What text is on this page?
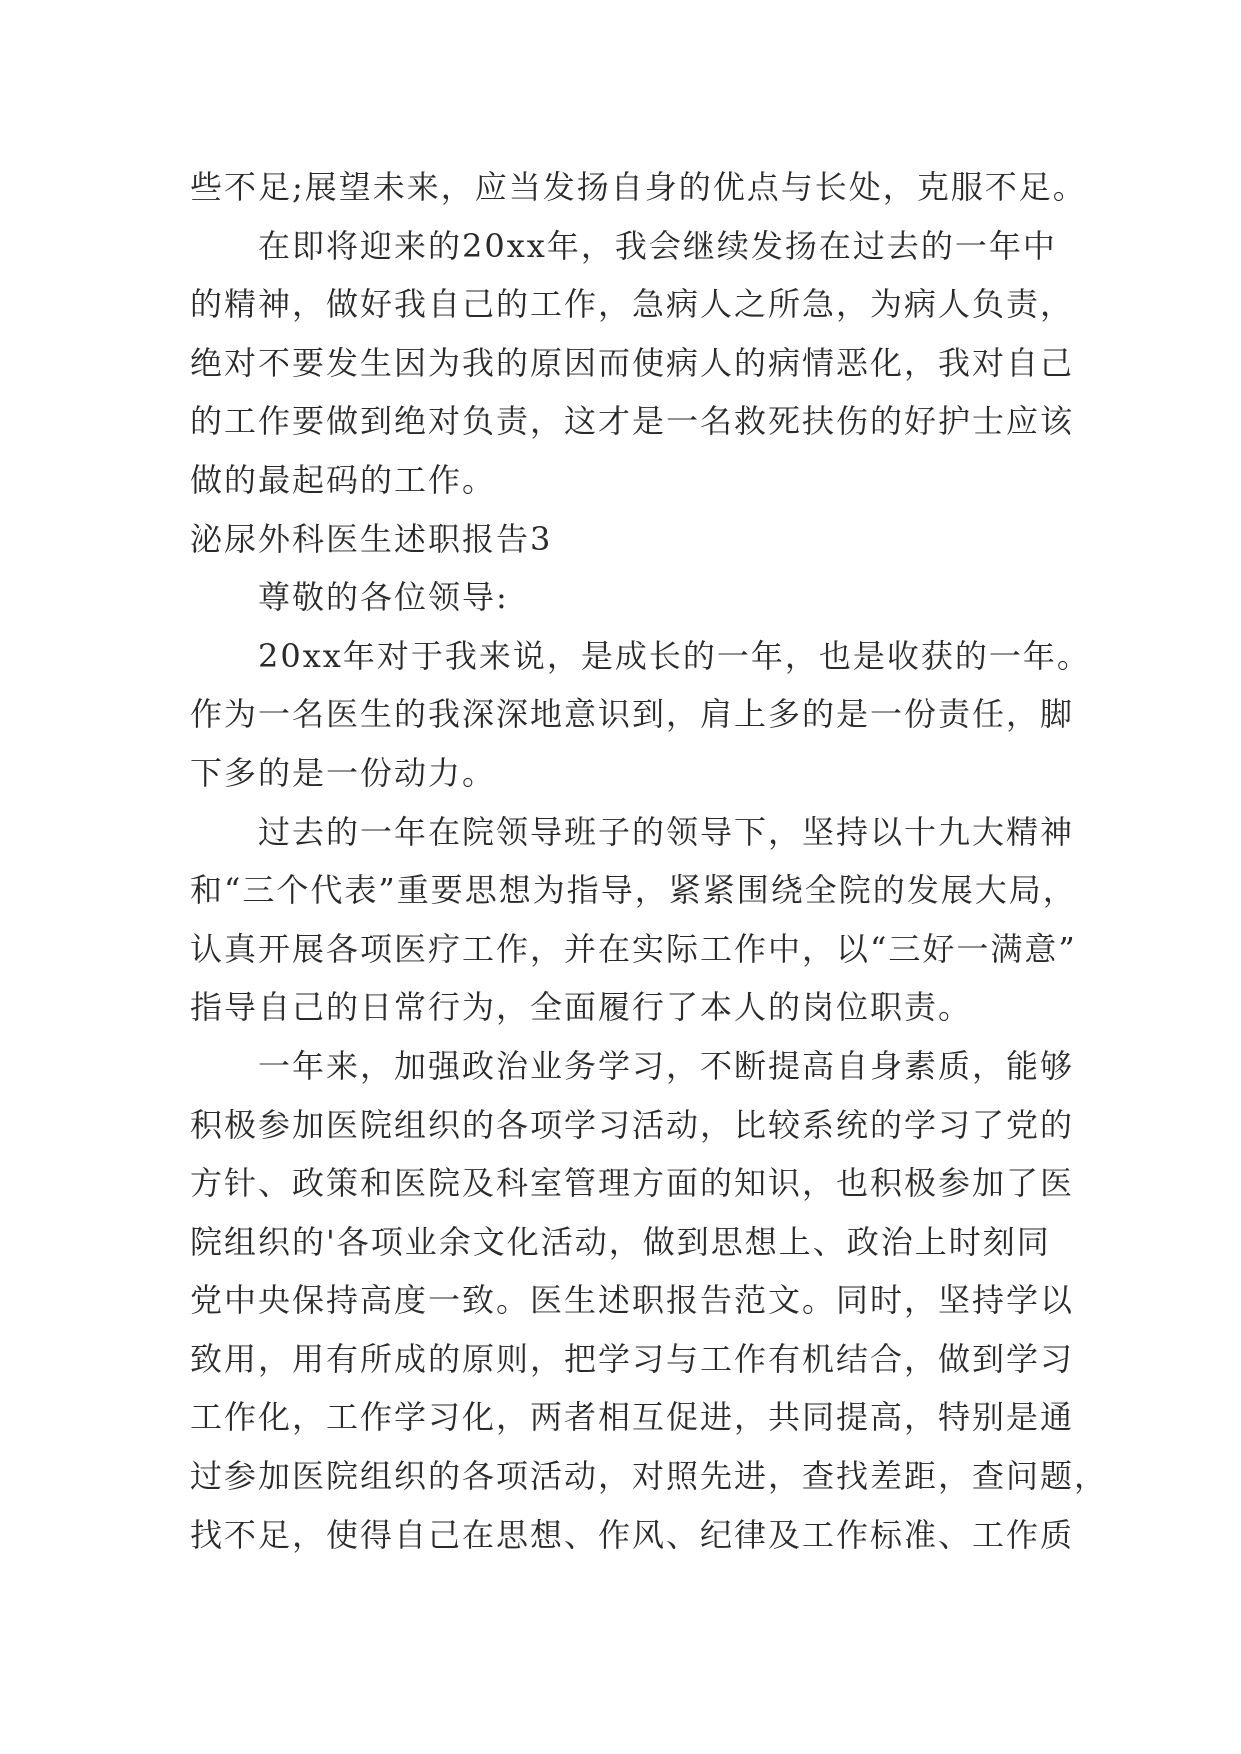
些不足;展望未来，应当发扬自身的优点与长处，克服不足。
在即将迎来的20xx年，我会继续发扬在过去的一年中
的精神，做好我自己的工作，急病人之所急，为病人负责，
绝对不要发生因为我的原因而使病人的病情恶化，我对自己
的工作要做到绝对负责，这才是一名救死扶伤的好护士应该
做的最起码的工作。
泌尿外科医生述职报告3
尊敬的各位领导:
20xx年对于我来说，是成长的一年，也是收获的一年。
作为一名医生的我深深地意识到，肩上多的是一份责任，脚
下多的是一份动力。
过去的一年在院领导班子的领导下，坚持以十九大精神
和“三个代表”重要思想为指导，紧紧围绕全院的发展大局，
认真开展各项医疗工作，并在实际工作中，以“三好一满意”
指导自己的日常行为，全面履行了本人的岗位职责。
一年来，加强政治业务学习，不断提高自身素质，能够
积极参加医院组织的各项学习活动，比较系统的学习了党的
方针、政策和医院及科室管理方面的知识，也积极参加了医
院组织的'各项业余文化活动，做到思想上、政治上时刻同
党中央保持高度一致。医生述职报告范文。同时，坚持学以
致用，用有所成的原则，把学习与工作有机结合，做到学习
工作化，工作学习化，两者相互促进，共同提高，特别是通
过参加医院组织的各项活动，对照先进，查找差距，查问题，
找不足，使得自己在思想、作风、纪律及工作标准、工作质
